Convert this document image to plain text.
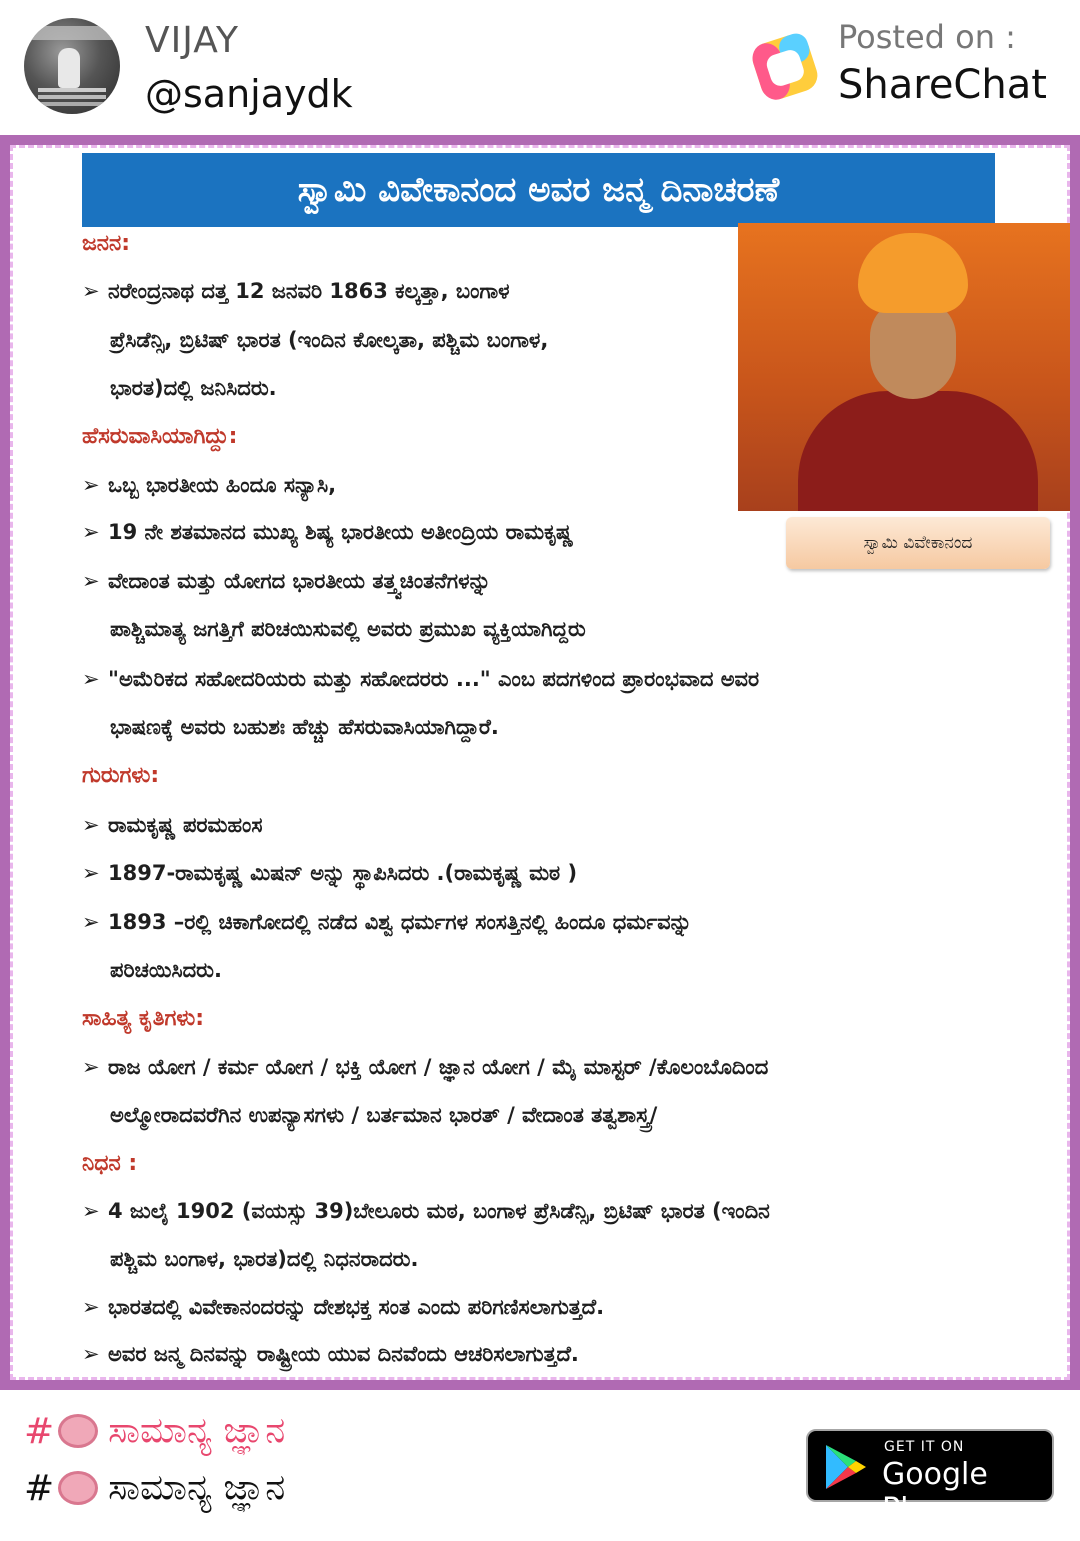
VIJAY
@sanjaydk
Posted on :
ShareChat
ಸ್ವಾಮಿ ವಿವೇಕಾನಂದ ಅವರ ಜನ್ಮ ದಿನಾಚರಣೆ
ಸ್ವಾಮಿ ವಿವೇಕಾನಂದ
ಜನನ:
➢ ನರೇಂದ್ರನಾಥ ದತ್ತ 12 ಜನವರಿ 1863 ಕಲ್ಕತ್ತಾ, ಬಂಗಾಳ
ಪ್ರೆಸಿಡೆನ್ಸಿ, ಬ್ರಿಟಿಷ್ ಭಾರತ (ಇಂದಿನ ಕೋಲ್ಕತಾ, ಪಶ್ಚಿಮ ಬಂಗಾಳ,
ಭಾರತ)ದಲ್ಲಿ ಜನಿಸಿದರು.
ಹೆಸರುವಾಸಿಯಾಗಿದ್ದು:
➢ ಒಬ್ಬ ಭಾರತೀಯ ಹಿಂದೂ ಸನ್ಯಾಸಿ,
➢ 19 ನೇ ಶತಮಾನದ ಮುಖ್ಯ ಶಿಷ್ಯ ಭಾರತೀಯ ಅತೀಂದ್ರಿಯ ರಾಮಕೃಷ್ಣ
➢ ವೇದಾಂತ ಮತ್ತು ಯೋಗದ ಭಾರತೀಯ ತತ್ತ್ವಚಿಂತನೆಗಳನ್ನು
ಪಾಶ್ಚಿಮಾತ್ಯ ಜಗತ್ತಿಗೆ ಪರಿಚಯಿಸುವಲ್ಲಿ ಅವರು ಪ್ರಮುಖ ವ್ಯಕ್ತಿಯಾಗಿದ್ದರು
➢ "ಅಮೆರಿಕದ ಸಹೋದರಿಯರು ಮತ್ತು ಸಹೋದರರು ..." ಎಂಬ ಪದಗಳಿಂದ ಪ್ರಾರಂಭವಾದ ಅವರ
ಭಾಷಣಕ್ಕೆ ಅವರು ಬಹುಶಃ ಹೆಚ್ಚು ಹೆಸರುವಾಸಿಯಾಗಿದ್ದಾರೆ.
ಗುರುಗಳು:
➢ ರಾಮಕೃಷ್ಣ ಪರಮಹಂಸ
➢ 1897-ರಾಮಕೃಷ್ಣ ಮಿಷನ್ ಅನ್ನು ಸ್ಥಾಪಿಸಿದರು .(ರಾಮಕೃಷ್ಣ ಮಠ )
➢ 1893 –ರಲ್ಲಿ ಚಿಕಾಗೋದಲ್ಲಿ ನಡೆದ ವಿಶ್ವ ಧರ್ಮಗಳ ಸಂಸತ್ತಿನಲ್ಲಿ ಹಿಂದೂ ಧರ್ಮವನ್ನು
ಪರಿಚಯಿಸಿದರು.
ಸಾಹಿತ್ಯ ಕೃತಿಗಳು:
➢ ರಾಜ ಯೋಗ / ಕರ್ಮ ಯೋಗ / ಭಕ್ತಿ ಯೋಗ / ಜ್ಞಾನ ಯೋಗ / ಮೈ ಮಾಸ್ಟರ್ /ಕೊಲಂಬೊದಿಂದ
ಅಲ್ಮೋರಾದವರೆಗಿನ ಉಪನ್ಯಾಸಗಳು / ಬರ್ತಮಾನ ಭಾರತ್ / ವೇದಾಂತ ತತ್ವಶಾಸ್ತ್ರ/
ನಿಧನ :
➢ 4 ಜುಲೈ 1902 (ವಯಸ್ಸು 39)ಬೇಲೂರು ಮಠ, ಬಂಗಾಳ ಪ್ರೆಸಿಡೆನ್ಸಿ, ಬ್ರಿಟಿಷ್ ಭಾರತ (ಇಂದಿನ
ಪಶ್ಚಿಮ ಬಂಗಾಳ, ಭಾರತ)ದಲ್ಲಿ ನಿಧನರಾದರು.
➢ ಭಾರತದಲ್ಲಿ ವಿವೇಕಾನಂದರನ್ನು ದೇಶಭಕ್ತ ಸಂತ ಎಂದು ಪರಿಗಣಿಸಲಾಗುತ್ತದೆ.
➢ ಅವರ ಜನ್ಮ ದಿನವನ್ನು ರಾಷ್ಟ್ರೀಯ ಯುವ ದಿನವೆಂದು ಆಚರಿಸಲಾಗುತ್ತದೆ.
# ಸಾಮಾನ್ಯ ಜ್ಞಾನ
# ಸಾಮಾನ್ಯ ಜ್ಞಾನ
GET IT ON
Google Play
